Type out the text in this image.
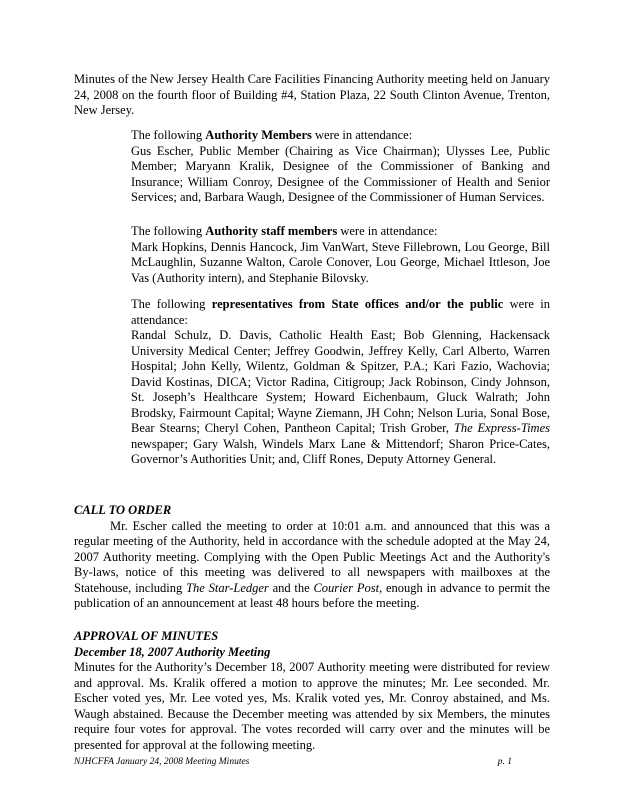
Minutes of the New Jersey Health Care Facilities Financing Authority meeting held on January 24, 2008 on the fourth floor of Building #4, Station Plaza, 22 South Clinton Avenue, Trenton, New Jersey.

The following Authority Members were in attendance:

Gus Escher, Public Member (Chairing as Vice Chairman); Ulysses Lee, Public Member; Maryann Kralik, Designee of the Commissioner of Banking and Insurance; William Conroy, Designee of the Commissioner of Health and Senior Services; and, Barbara Waugh, Designee of the Commissioner of Human Services.

The following Authority staff members were in attendance:

Mark Hopkins, Dennis Hancock, Jim VanWart, Steve Fillebrown, Lou George, Bill McLaughlin, Suzanne Walton, Carole Conover, Lou George, Michael Ittleson, Joe Vas (Authority intern), and Stephanie Bilovsky.

The following representatives from State offices and/or the public were in attendance:

Randal Schulz, D. Davis, Catholic Health East; Bob Glenning, Hackensack University Medical Center; Jeffrey Goodwin, Jeffrey Kelly, Carl Alberto, Warren Hospital; John Kelly, Wilentz, Goldman & Spitzer, P.A.; Kari Fazio, Wachovia; David Kostinas, DICA; Victor Radina, Citigroup; Jack Robinson, Cindy Johnson, St. Joseph’s Healthcare System; Howard Eichenbaum, Gluck Walrath; John Brodsky, Fairmount Capital; Wayne Ziemann, JH Cohn; Nelson Luria, Sonal Bose, Bear Stearns; Cheryl Cohen, Pantheon Capital; Trish Grober, The Express-Times newspaper; Gary Walsh, Windels Marx Lane & Mittendorf; Sharon Price-Cates, Governor’s Authorities Unit; and, Cliff Rones, Deputy Attorney General.

CALL TO ORDER

Mr. Escher called the meeting to order at 10:01 a.m. and announced that this was a regular meeting of the Authority, held in accordance with the schedule adopted at the May 24, 2007 Authority meeting. Complying with the Open Public Meetings Act and the Authority's By-laws, notice of this meeting was delivered to all newspapers with mailboxes at the Statehouse, including The Star-Ledger and the Courier Post, enough in advance to permit the publication of an announcement at least 48 hours before the meeting.

APPROVAL OF MINUTES

December 18, 2007 Authority Meeting

Minutes for the Authority’s December 18, 2007 Authority meeting were distributed for review and approval. Ms. Kralik offered a motion to approve the minutes; Mr. Lee seconded. Mr. Escher voted yes, Mr. Lee voted yes, Ms. Kralik voted yes, Mr. Conroy abstained, and Ms. Waugh abstained. Because the December meeting was attended by six Members, the minutes require four votes for approval. The votes recorded will carry over and the minutes will be presented for approval at the following meeting.

NJHCFFA January 24, 2008 Meeting Minutes	p. 1
